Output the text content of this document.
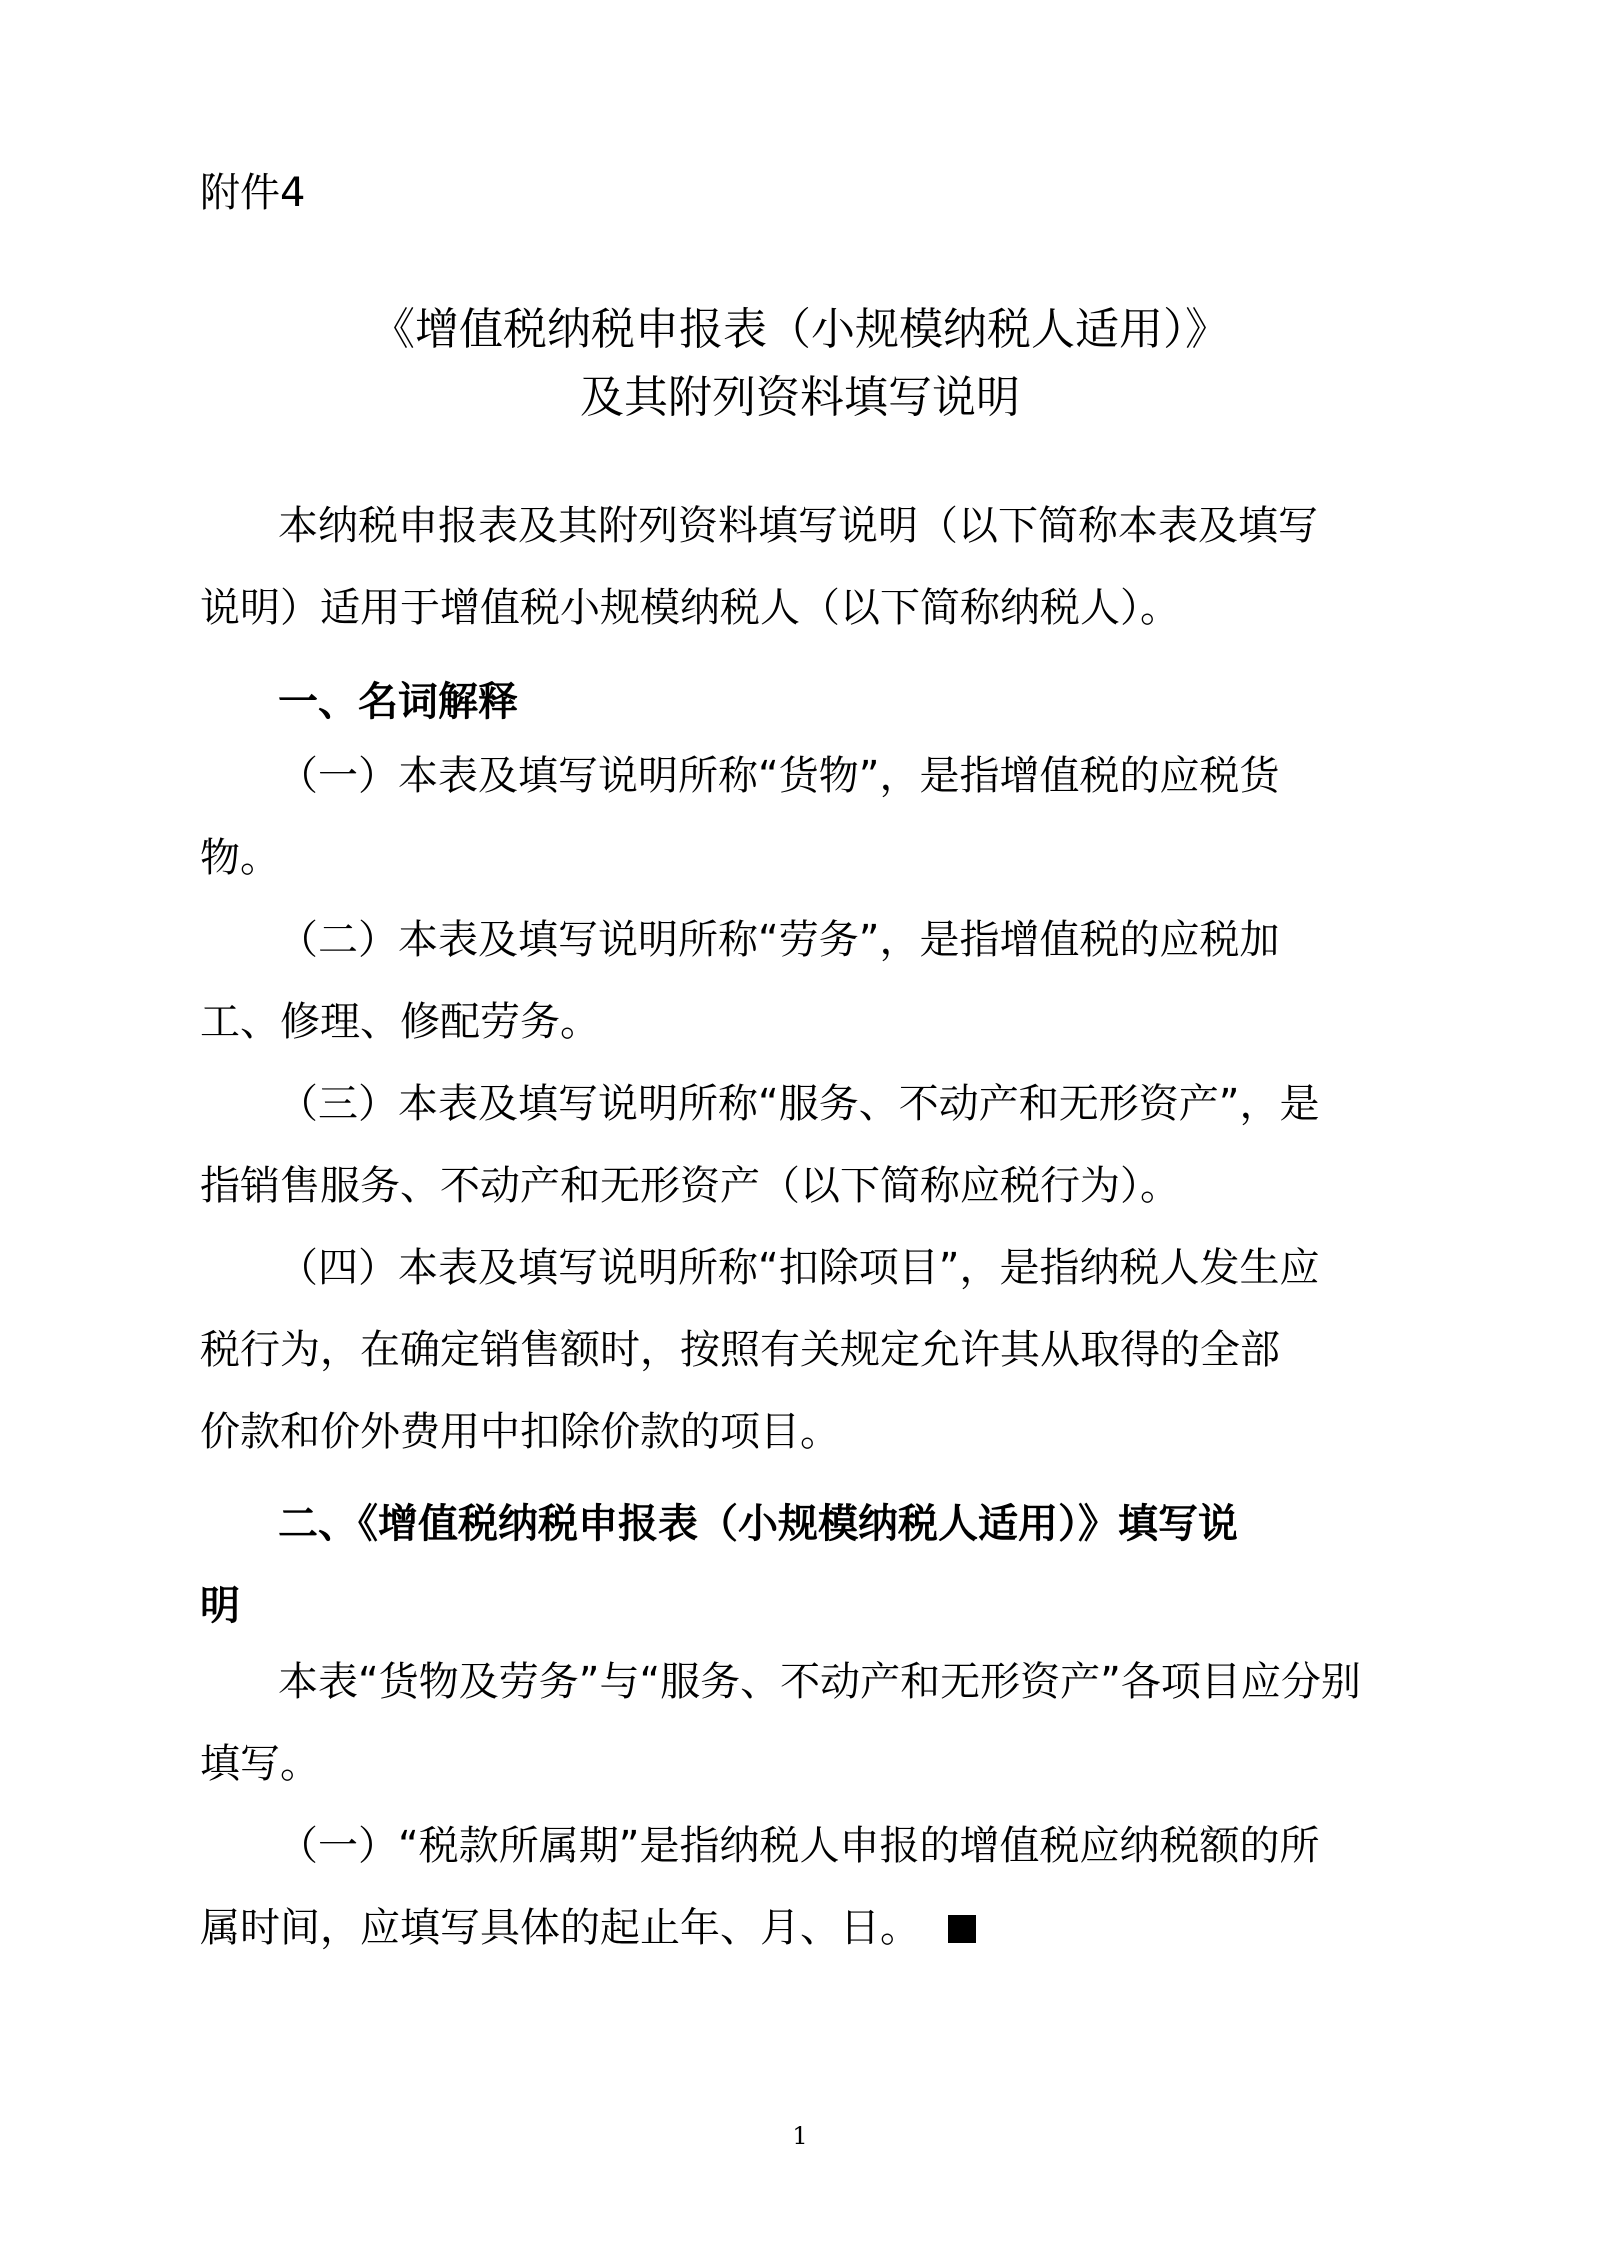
附件4
《增值税纳税申报表（小规模纳税人适用）》
及其附列资料填写说明
本纳税申报表及其附列资料填写说明（以下简称本表及填写
说明）适用于增值税小规模纳税人（以下简称纳税人）。
一、名词解释
（一）本表及填写说明所称“货物”，是指增值税的应税货
物。
（二）本表及填写说明所称“劳务”，是指增值税的应税加
工、修理、修配劳务。
（三）本表及填写说明所称“服务、不动产和无形资产”，是
指销售服务、不动产和无形资产（以下简称应税行为）。
（四）本表及填写说明所称“扣除项目”，是指纳税人发生应
税行为，在确定销售额时，按照有关规定允许其从取得的全部
价款和价外费用中扣除价款的项目。
二、《增值税纳税申报表（小规模纳税人适用）》填写说
明
本表“货物及劳务”与“服务、不动产和无形资产”各项目应分别
填写。
（一）“税款所属期”是指纳税人申报的增值税应纳税额的所
属时间，应填写具体的起止年、月、日。
1
